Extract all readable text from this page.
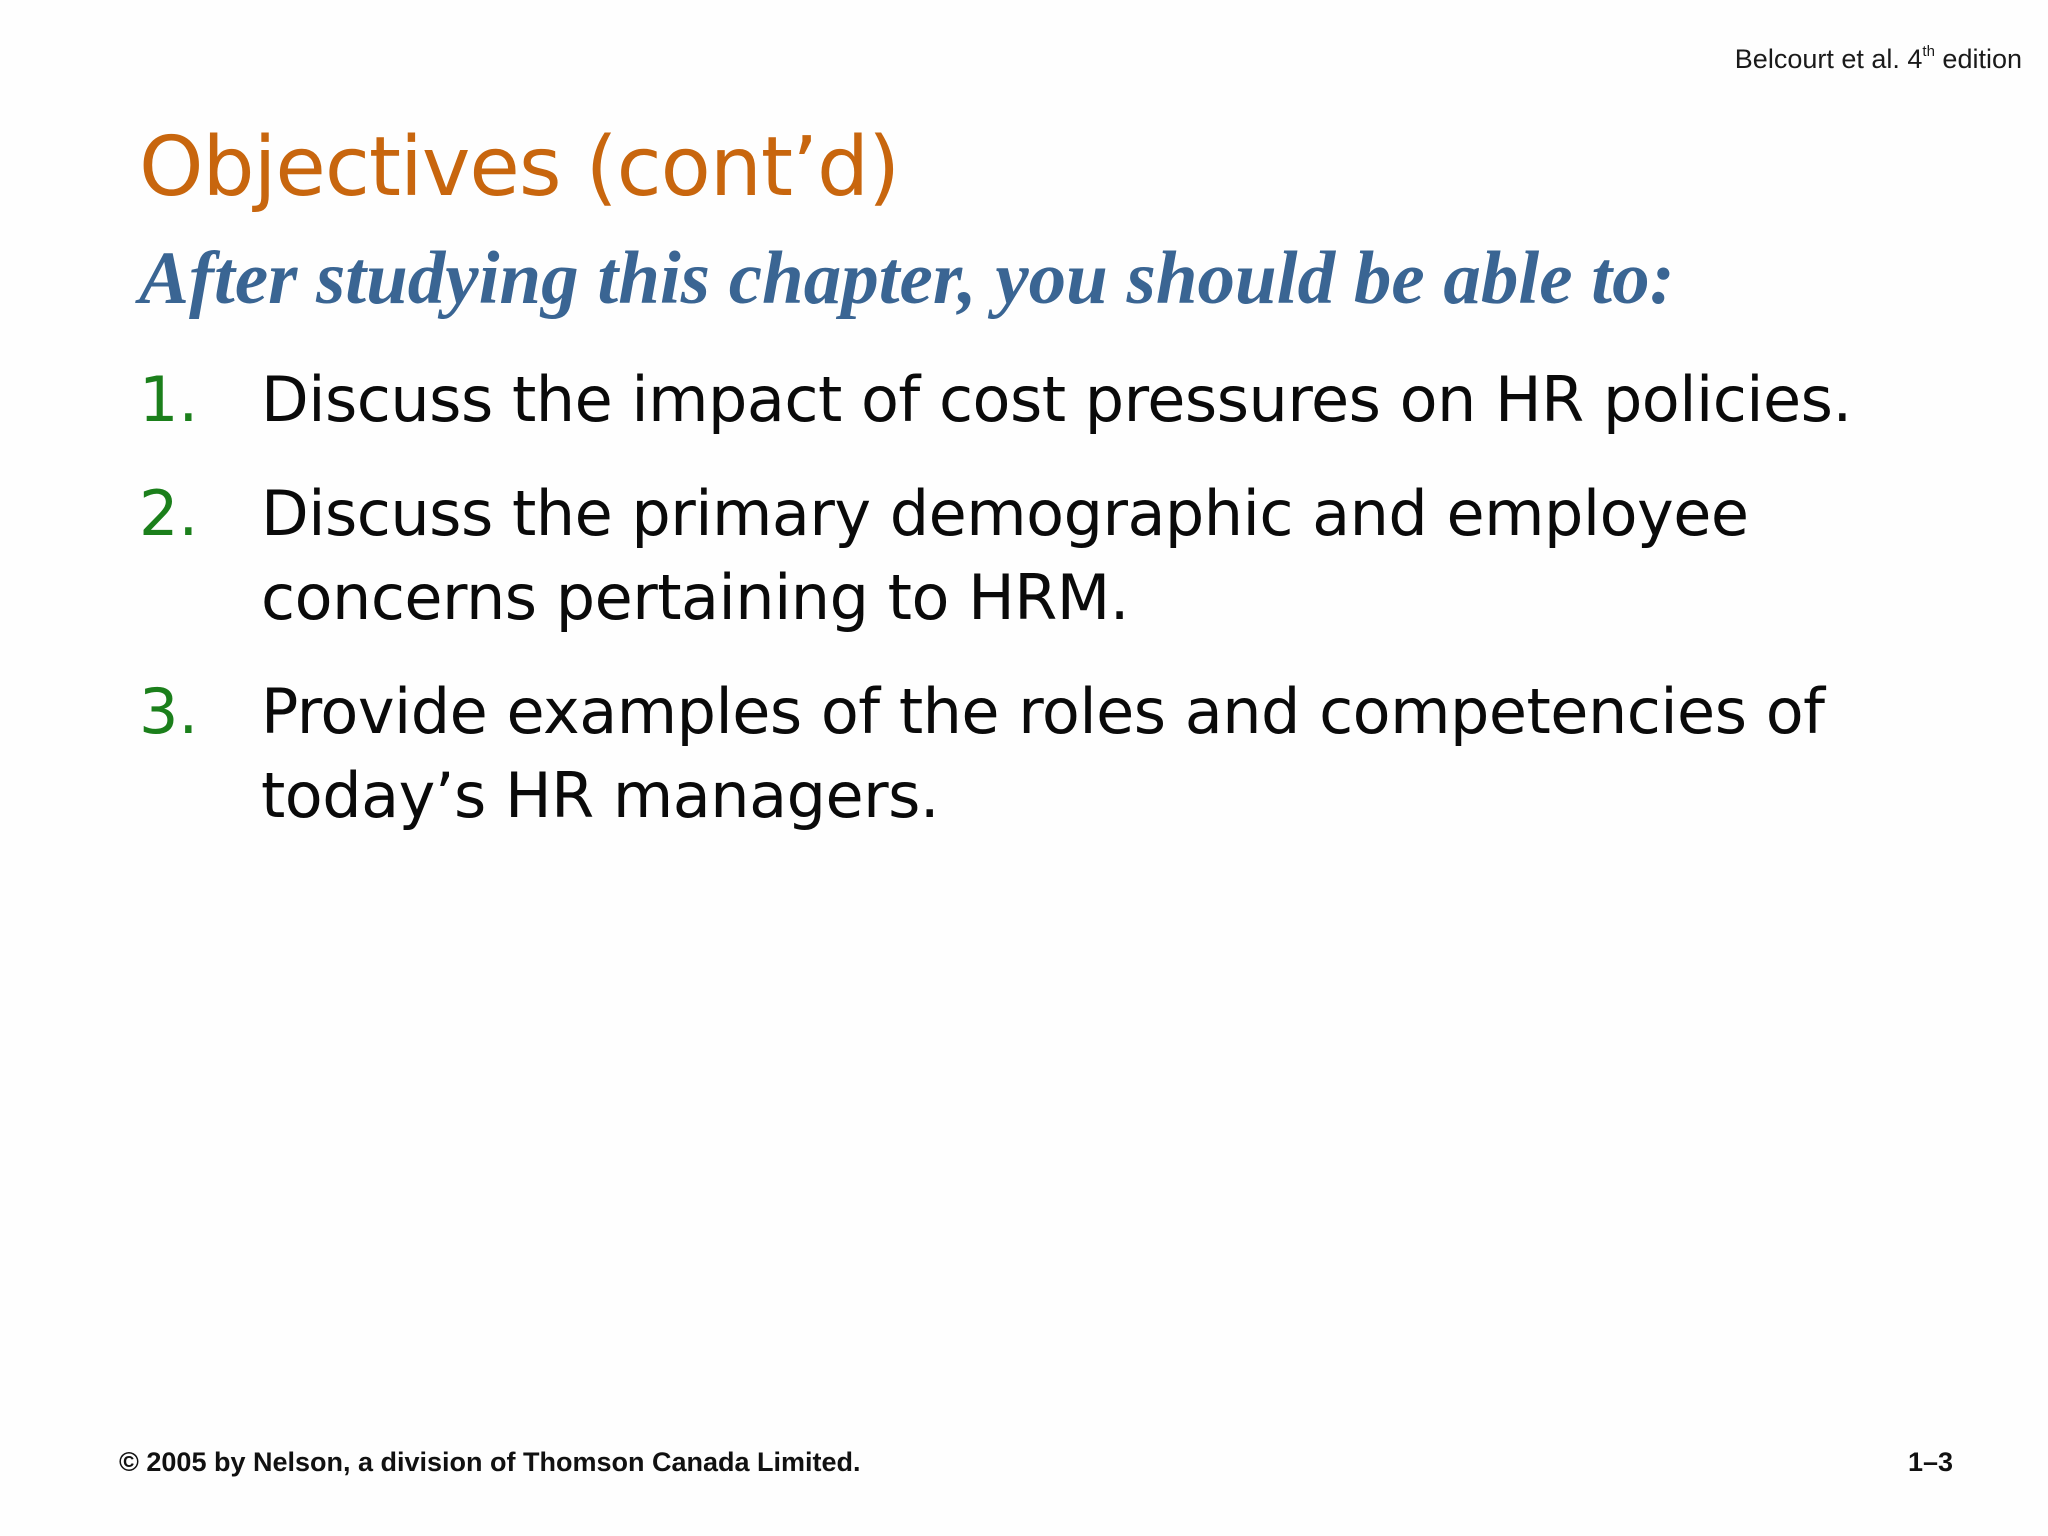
Belcourt et al. 4th edition
Objectives (cont’d)
After studying this chapter, you should be able to:
1.	Discuss the impact of cost pressures on HR policies.
2.	Discuss the primary demographic and employee concerns pertaining to HRM.
3.	Provide examples of the roles and competencies of today’s HR managers.
© 2005 by Nelson, a division of Thomson Canada Limited.	1–3
